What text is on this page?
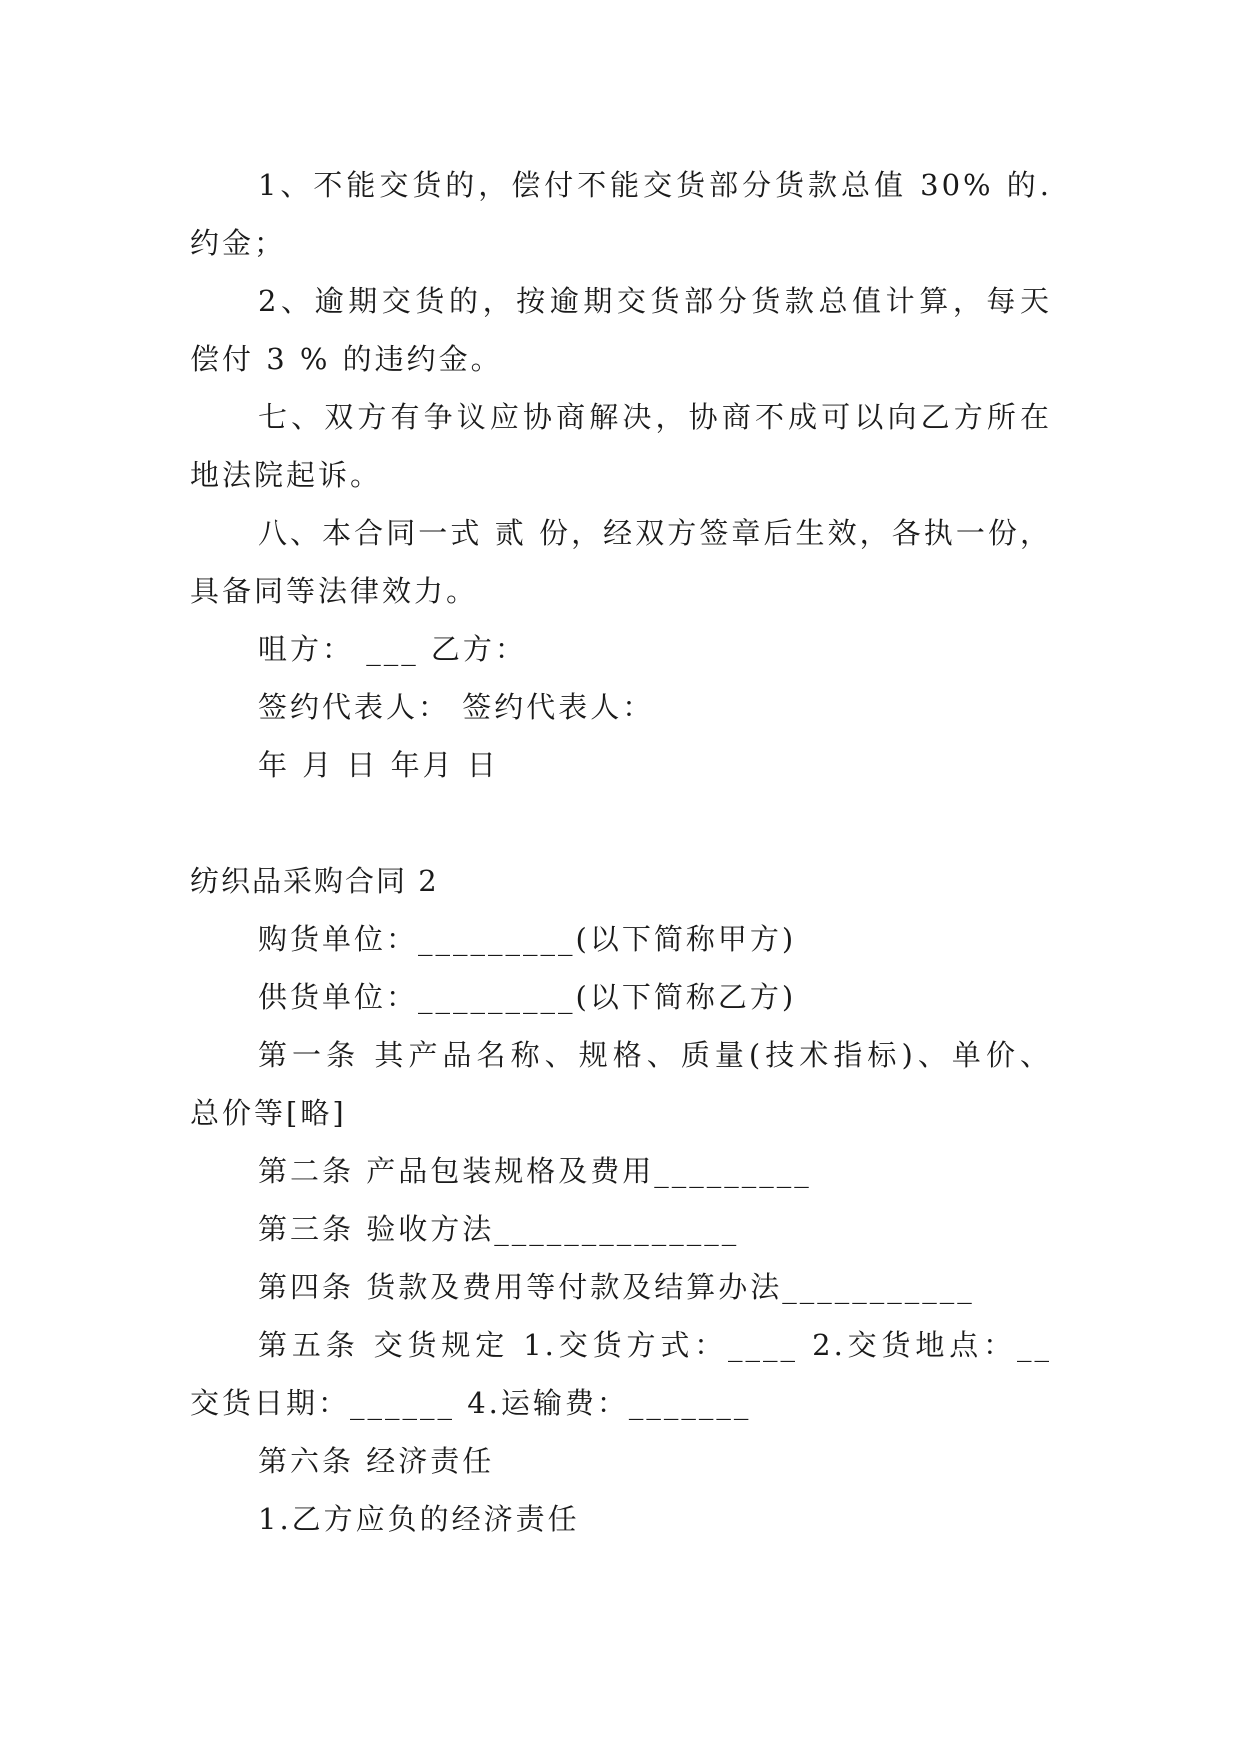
1、不能交货的，偿付不能交货部分货款总值 30% 的.
约金；
2、逾期交货的，按逾期交货部分货款总值计算，每天
偿付 3 % 的违约金。
七、双方有争议应协商解决，协商不成可以向乙方所在
地法院起诉。
八、本合同一式 贰 份，经双方签章后生效，各执一份，
具备同等法律效力。
咀方： ___ 乙方：
签约代表人： 签约代表人：
年 月 日 年月 日
纺织品采购合同 2
购货单位：_________(以下简称甲方)
供货单位：_________(以下简称乙方)
第一条 其产品名称、规格、质量(技术指标)、单价、
总价等[略]
第二条 产品包装规格及费用_________
第三条 验收方法______________
第四条 货款及费用等付款及结算办法___________
第五条 交货规定 1.交货方式：____ 2.交货地点：__
交货日期：______ 4.运输费：_______
第六条 经济责任
1.乙方应负的经济责任
